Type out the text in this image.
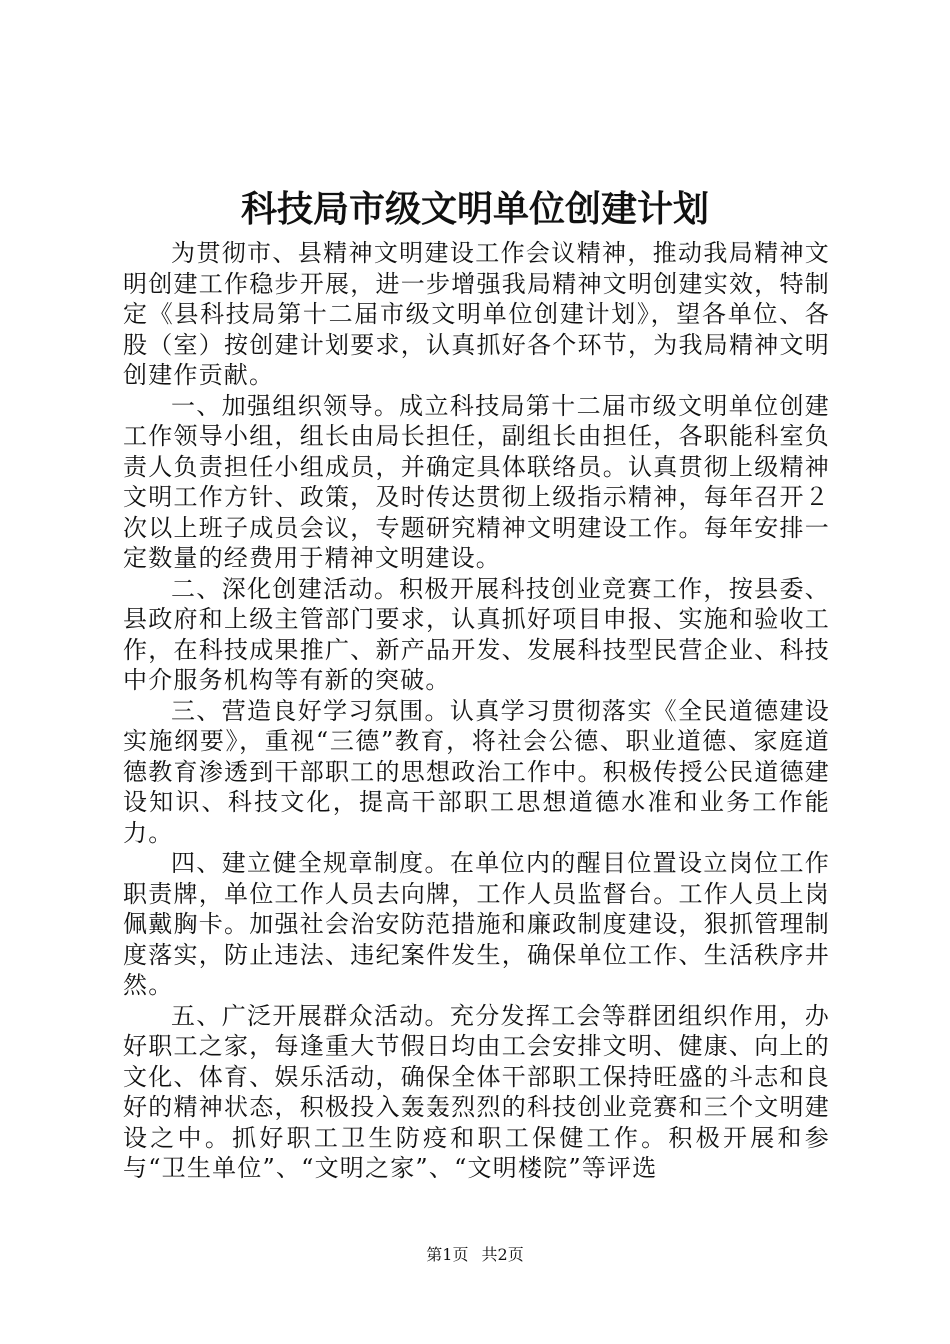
科技局市级文明单位创建计划

为贯彻市、县精神文明建设工作会议精神，推动我局精神文明创建工作稳步开展，进一步增强我局精神文明创建实效，特制定《县科技局第十二届市级文明单位创建计划》，望各单位、各股（室）按创建计划要求，认真抓好各个环节，为我局精神文明创建作贡献。

一、加强组织领导。成立科技局第十二届市级文明单位创建工作领导小组，组长由局长担任，副组长由担任，各职能科室负责人负责担任小组成员，并确定具体联络员。认真贯彻上级精神文明工作方针、政策，及时传达贯彻上级指示精神，每年召开２次以上班子成员会议，专题研究精神文明建设工作。每年安排一定数量的经费用于精神文明建设。

二、深化创建活动。积极开展科技创业竞赛工作，按县委、县政府和上级主管部门要求，认真抓好项目申报、实施和验收工作，在科技成果推广、新产品开发、发展科技型民营企业、科技中介服务机构等有新的突破。

三、营造良好学习氛围。认真学习贯彻落实《全民道德建设实施纲要》，重视“三德”教育，将社会公德、职业道德、家庭道德教育渗透到干部职工的思想政治工作中。积极传授公民道德建设知识、科技文化，提高干部职工思想道德水准和业务工作能力。

四、建立健全规章制度。在单位内的醒目位置设立岗位工作职责牌，单位工作人员去向牌，工作人员监督台。工作人员上岗佩戴胸卡。加强社会治安防范措施和廉政制度建设，狠抓管理制度落实，防止违法、违纪案件发生，确保单位工作、生活秩序井然。

五、广泛开展群众活动。充分发挥工会等群团组织作用，办好职工之家，每逢重大节假日均由工会安排文明、健康、向上的文化、体育、娱乐活动，确保全体干部职工保持旺盛的斗志和良好的精神状态，积极投入轰轰烈烈的科技创业竞赛和三个文明建设之中。抓好职工卫生防疫和职工保健工作。积极开展和参与“卫生单位”、“文明之家”、“文明楼院”等评选

第1页 共2页
